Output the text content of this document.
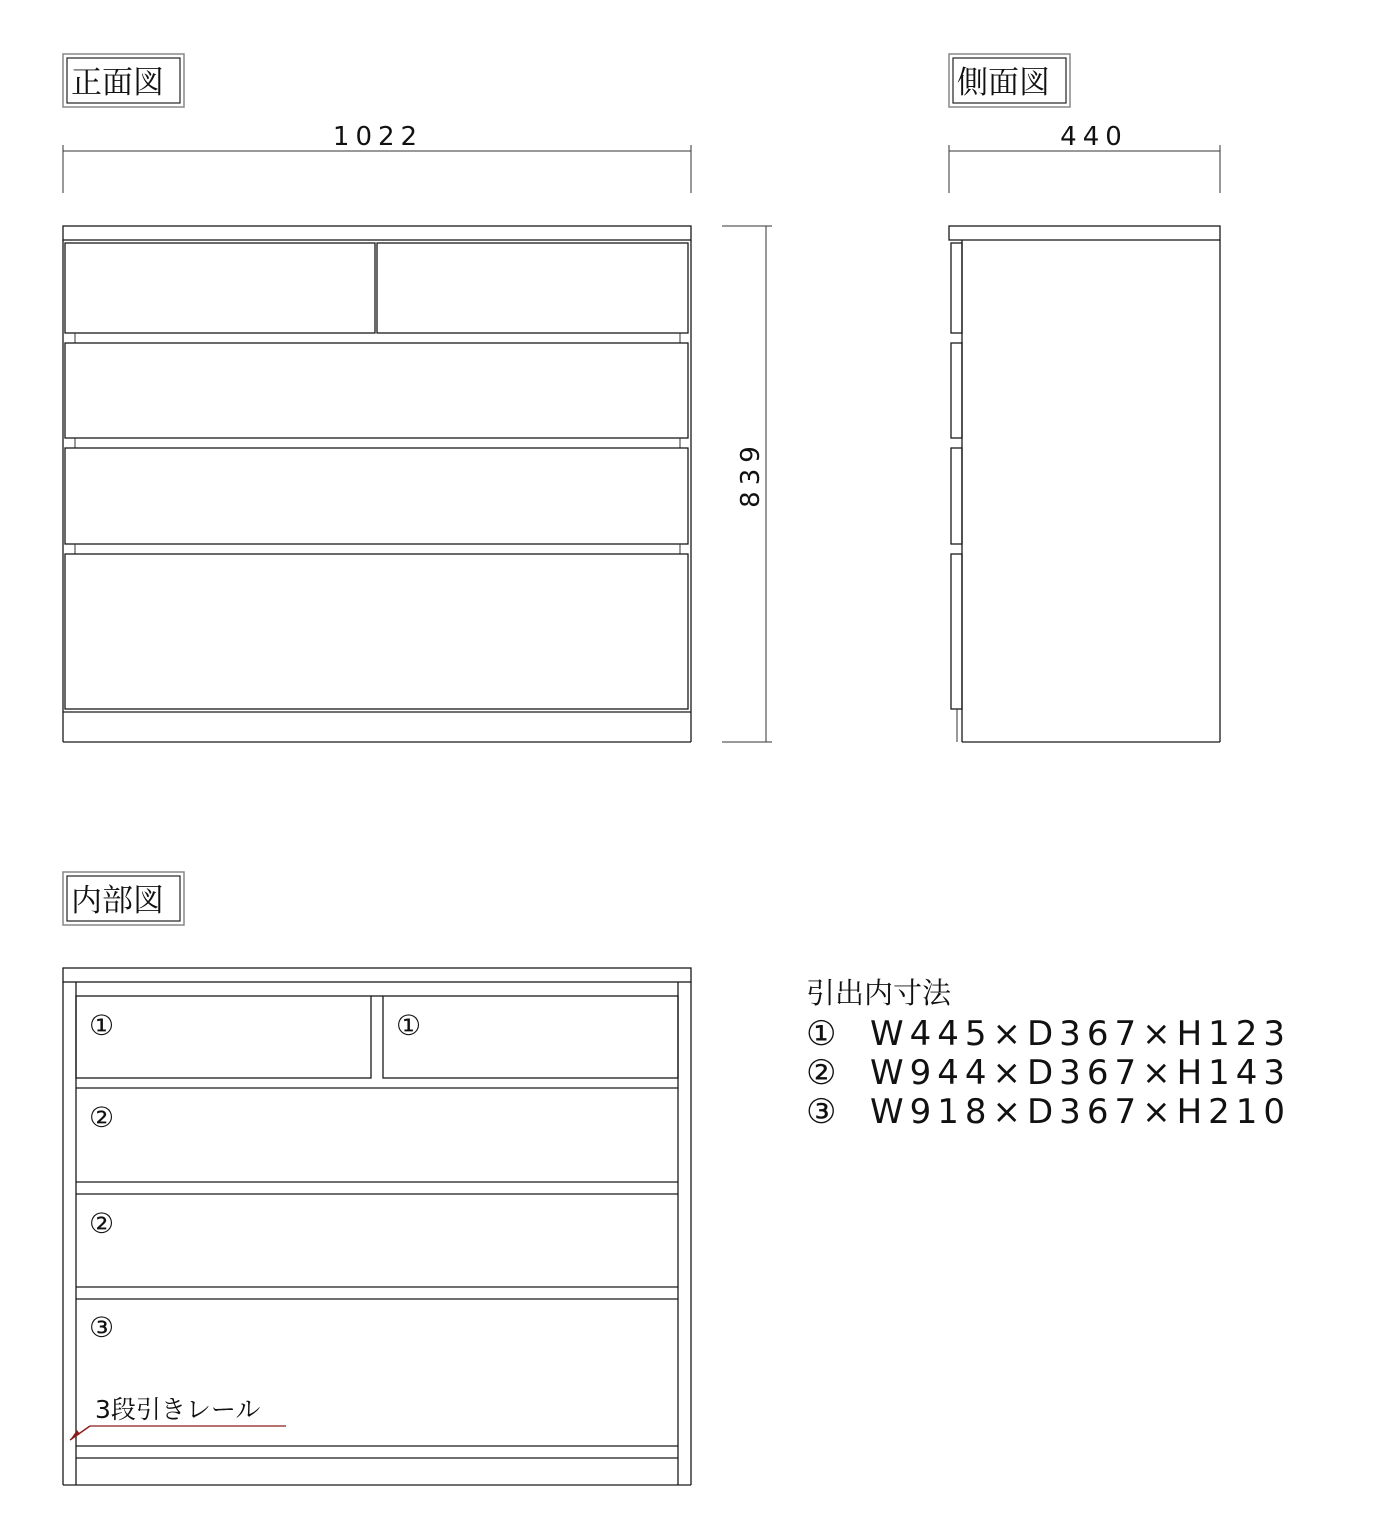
正面図
1022
839
側面図
440
内部図
①	①
②
②
③
3段引きレール
引出内寸法
① W445×D367×H123
② W944×D367×H143
③ W918×D367×H210
